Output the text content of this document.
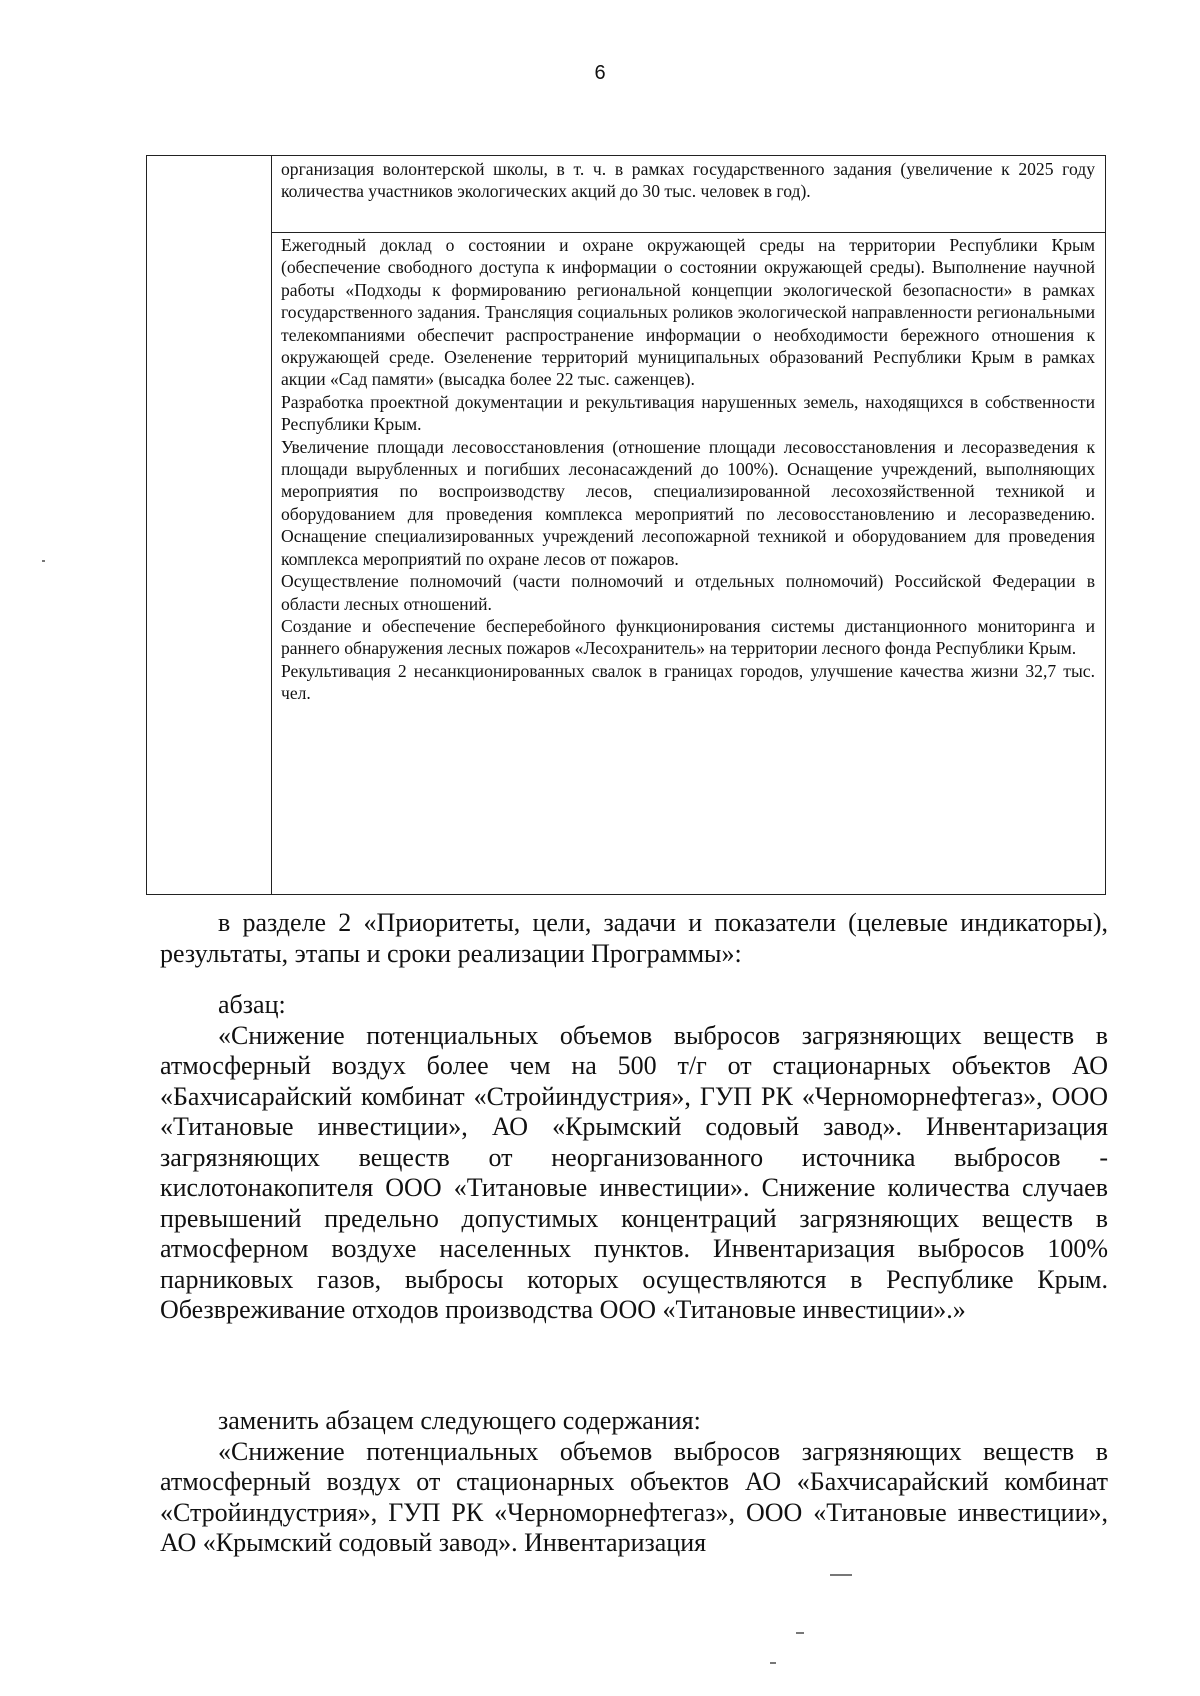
6

организация волонтерской школы, в т. ч. в рамках государственного задания (увеличение к 2025 году количества участников экологических акций до 30 тыс. человек в год).

Ежегодный доклад о состоянии и охране окружающей среды на территории Республики Крым (обеспечение свободного доступа к информации о состоянии окружающей среды). Выполнение научной работы «Подходы к формированию региональной концепции экологической безопасности» в рамках государственного задания. Трансляция социальных роликов экологической направленности региональными телекомпаниями обеспечит распространение информации о необходимости бережного отношения к окружающей среде. Озеленение территорий муниципальных образований Республики Крым в рамках акции «Сад памяти» (высадка более 22 тыс. саженцев).

Разработка проектной документации и рекультивация нарушенных земель, находящихся в собственности Республики Крым.

Увеличение площади лесовосстановления (отношение площади лесовосстановления и лесоразведения к площади вырубленных и погибших лесонасаждений до 100%). Оснащение учреждений, выполняющих мероприятия по воспроизводству лесов, специализированной лесохозяйственной техникой и оборудованием для проведения комплекса мероприятий по лесовосстановлению и лесоразведению. Оснащение специализированных учреждений лесопожарной техникой и оборудованием для проведения комплекса мероприятий по охране лесов от пожаров.

Осуществление полномочий (части полномочий и отдельных полномочий) Российской Федерации в области лесных отношений.

Создание и обеспечение бесперебойного функционирования системы дистанционного мониторинга и раннего обнаружения лесных пожаров «Лесохранитель» на территории лесного фонда Республики Крым.

Рекультивация 2 несанкционированных свалок в границах городов, улучшение качества жизни 32,7 тыс. чел.

в разделе 2 «Приоритеты, цели, задачи и показатели (целевые индикаторы), результаты, этапы и сроки реализации Программы»:

абзац:

«Снижение потенциальных объемов выбросов загрязняющих веществ в атмосферный воздух более чем на 500 т/г от стационарных объектов АО «Бахчисарайский комбинат «Стройиндустрия», ГУП РК «Черноморнефтегаз», ООО «Титановые инвестиции», АО «Крымский содовый завод». Инвентаризация загрязняющих веществ от неорганизованного источника выбросов - кислотонакопителя ООО «Титановые инвестиции». Снижение количества случаев превышений предельно допустимых концентраций загрязняющих веществ в атмосферном воздухе населенных пунктов. Инвентаризация выбросов 100% парниковых газов, выбросы которых осуществляются в Республике Крым. Обезвреживание отходов производства ООО «Титановые инвестиции».»

заменить абзацем следующего содержания:

«Снижение потенциальных объемов выбросов загрязняющих веществ в атмосферный воздух от стационарных объектов АО «Бахчисарайский комбинат «Стройиндустрия», ГУП РК «Черноморнефтегаз», ООО «Титановые инвестиции», АО «Крымский содовый завод». Инвентаризация
